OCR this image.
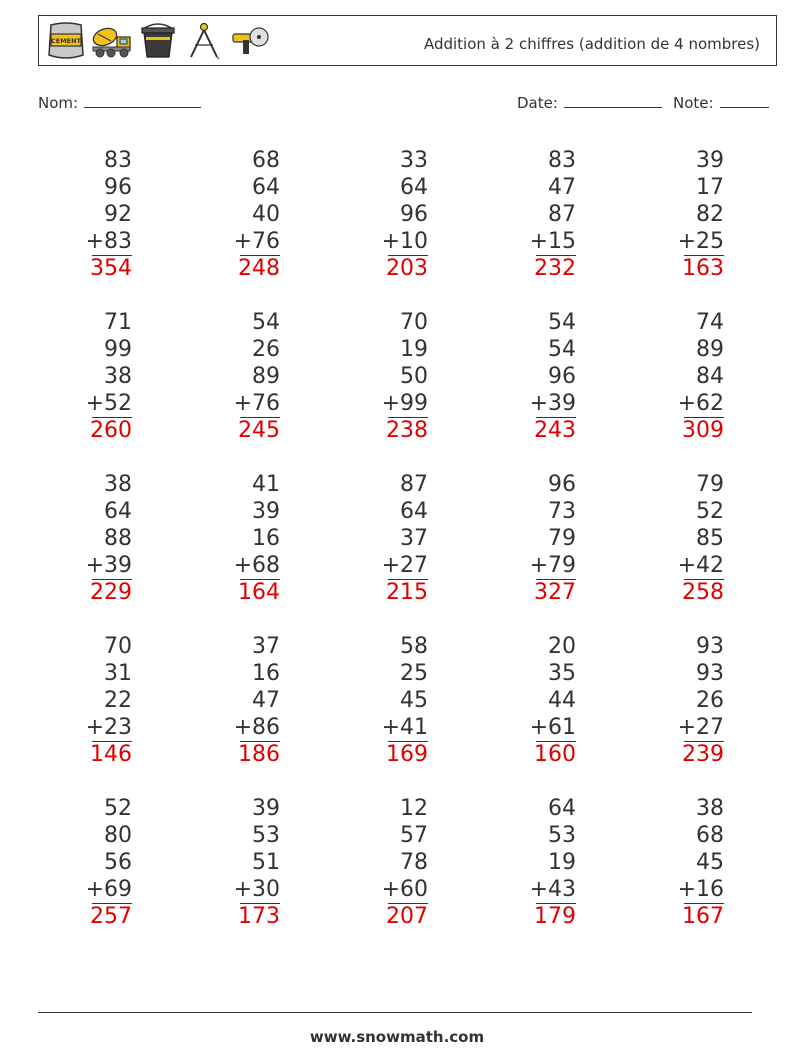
CEMENT	Addition à 2 chiffres (addition de 4 nombres)
Nom:	Date:	Note:
83
96
92
+83
354
68
64
40
+76
248
33
64
96
+10
203
83
47
87
+15
232
39
17
82
+25
163
71
99
38
+52
260
54
26
89
+76
245
70
19
50
+99
238
54
54
96
+39
243
74
89
84
+62
309
38
64
88
+39
229
41
39
16
+68
164
87
64
37
+27
215
96
73
79
+79
327
79
52
85
+42
258
70
31
22
+23
146
37
16
47
+86
186
58
25
45
+41
169
20
35
44
+61
160
93
93
26
+27
239
52
80
56
+69
257
39
53
51
+30
173
12
57
78
+60
207
64
53
19
+43
179
38
68
45
+16
167
www.snowmath.com
